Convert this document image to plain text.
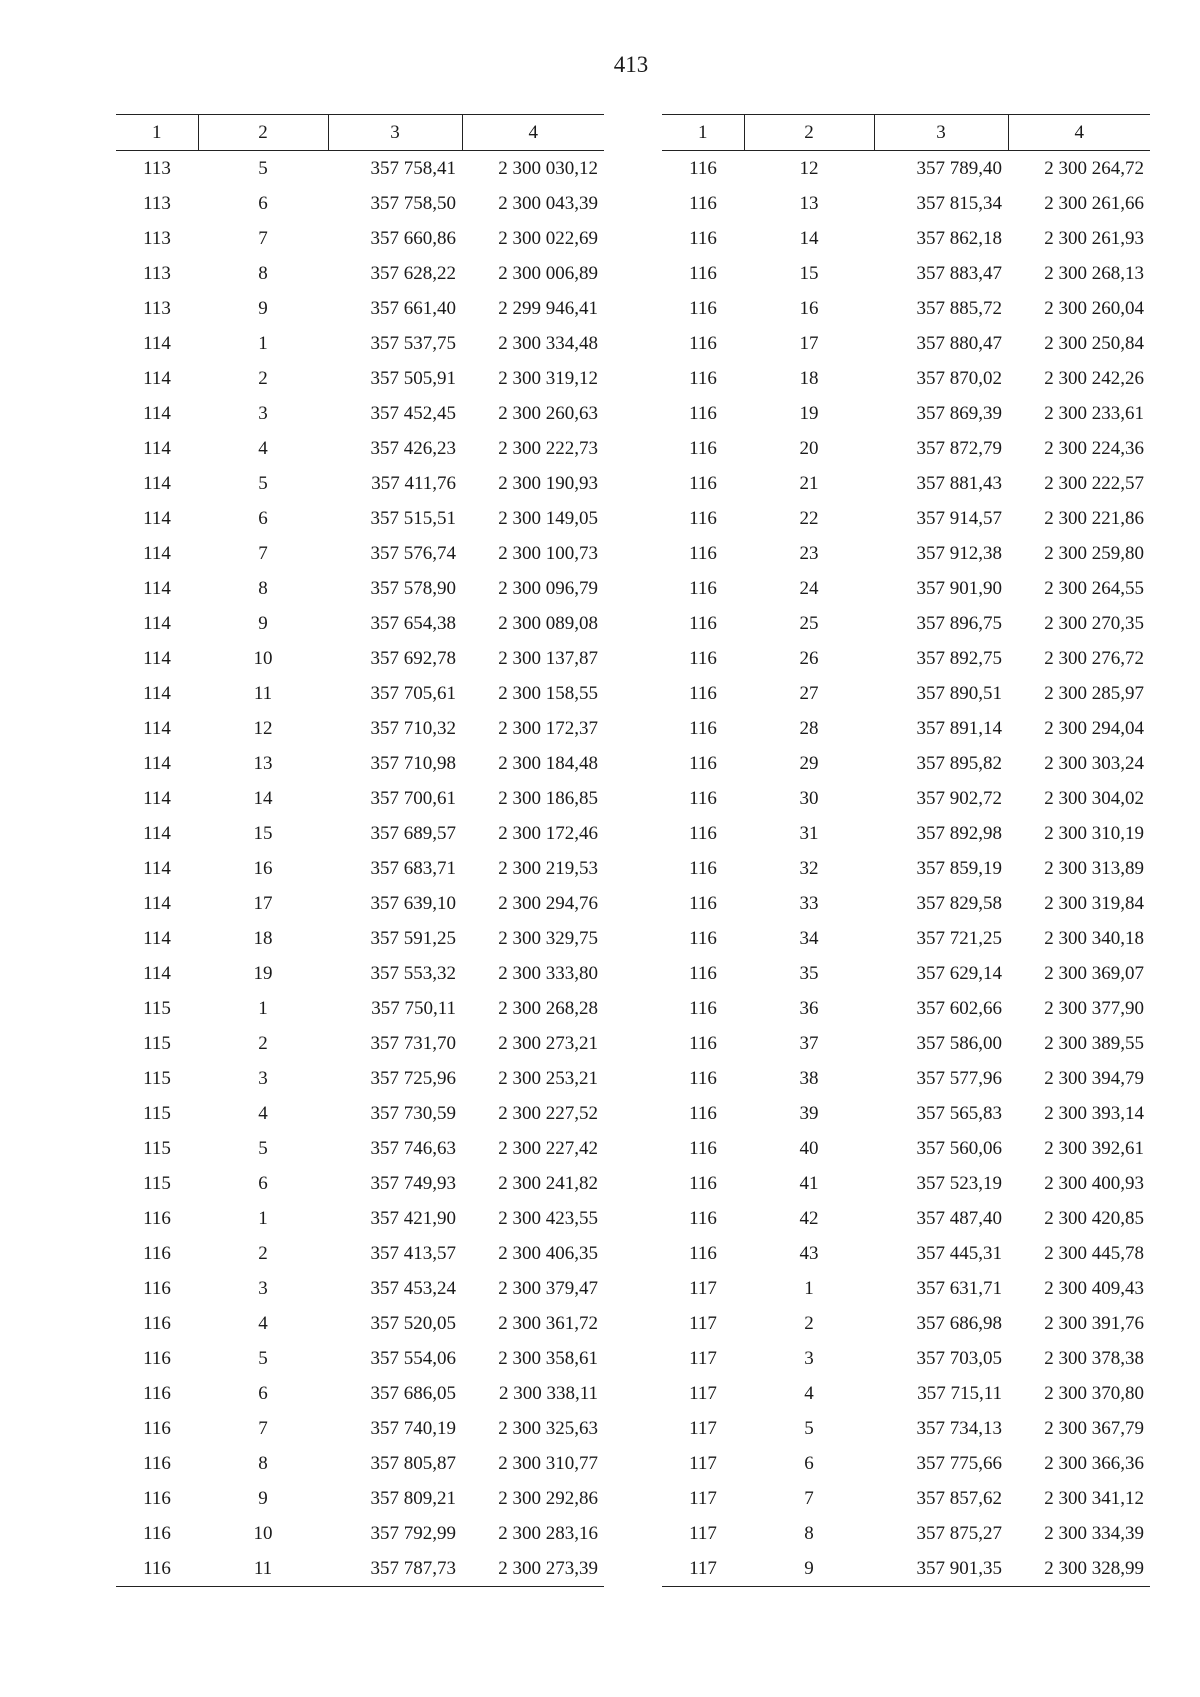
413
1	2	3	4
113	5	357 758,41	2 300 030,12
113	6	357 758,50	2 300 043,39
113	7	357 660,86	2 300 022,69
113	8	357 628,22	2 300 006,89
113	9	357 661,40	2 299 946,41
114	1	357 537,75	2 300 334,48
114	2	357 505,91	2 300 319,12
114	3	357 452,45	2 300 260,63
114	4	357 426,23	2 300 222,73
114	5	357 411,76	2 300 190,93
114	6	357 515,51	2 300 149,05
114	7	357 576,74	2 300 100,73
114	8	357 578,90	2 300 096,79
114	9	357 654,38	2 300 089,08
114	10	357 692,78	2 300 137,87
114	11	357 705,61	2 300 158,55
114	12	357 710,32	2 300 172,37
114	13	357 710,98	2 300 184,48
114	14	357 700,61	2 300 186,85
114	15	357 689,57	2 300 172,46
114	16	357 683,71	2 300 219,53
114	17	357 639,10	2 300 294,76
114	18	357 591,25	2 300 329,75
114	19	357 553,32	2 300 333,80
115	1	357 750,11	2 300 268,28
115	2	357 731,70	2 300 273,21
115	3	357 725,96	2 300 253,21
115	4	357 730,59	2 300 227,52
115	5	357 746,63	2 300 227,42
115	6	357 749,93	2 300 241,82
116	1	357 421,90	2 300 423,55
116	2	357 413,57	2 300 406,35
116	3	357 453,24	2 300 379,47
116	4	357 520,05	2 300 361,72
116	5	357 554,06	2 300 358,61
116	6	357 686,05	2 300 338,11
116	7	357 740,19	2 300 325,63
116	8	357 805,87	2 300 310,77
116	9	357 809,21	2 300 292,86
116	10	357 792,99	2 300 283,16
116	11	357 787,73	2 300 273,39
1	2	3	4
116	12	357 789,40	2 300 264,72
116	13	357 815,34	2 300 261,66
116	14	357 862,18	2 300 261,93
116	15	357 883,47	2 300 268,13
116	16	357 885,72	2 300 260,04
116	17	357 880,47	2 300 250,84
116	18	357 870,02	2 300 242,26
116	19	357 869,39	2 300 233,61
116	20	357 872,79	2 300 224,36
116	21	357 881,43	2 300 222,57
116	22	357 914,57	2 300 221,86
116	23	357 912,38	2 300 259,80
116	24	357 901,90	2 300 264,55
116	25	357 896,75	2 300 270,35
116	26	357 892,75	2 300 276,72
116	27	357 890,51	2 300 285,97
116	28	357 891,14	2 300 294,04
116	29	357 895,82	2 300 303,24
116	30	357 902,72	2 300 304,02
116	31	357 892,98	2 300 310,19
116	32	357 859,19	2 300 313,89
116	33	357 829,58	2 300 319,84
116	34	357 721,25	2 300 340,18
116	35	357 629,14	2 300 369,07
116	36	357 602,66	2 300 377,90
116	37	357 586,00	2 300 389,55
116	38	357 577,96	2 300 394,79
116	39	357 565,83	2 300 393,14
116	40	357 560,06	2 300 392,61
116	41	357 523,19	2 300 400,93
116	42	357 487,40	2 300 420,85
116	43	357 445,31	2 300 445,78
117	1	357 631,71	2 300 409,43
117	2	357 686,98	2 300 391,76
117	3	357 703,05	2 300 378,38
117	4	357 715,11	2 300 370,80
117	5	357 734,13	2 300 367,79
117	6	357 775,66	2 300 366,36
117	7	357 857,62	2 300 341,12
117	8	357 875,27	2 300 334,39
117	9	357 901,35	2 300 328,99
